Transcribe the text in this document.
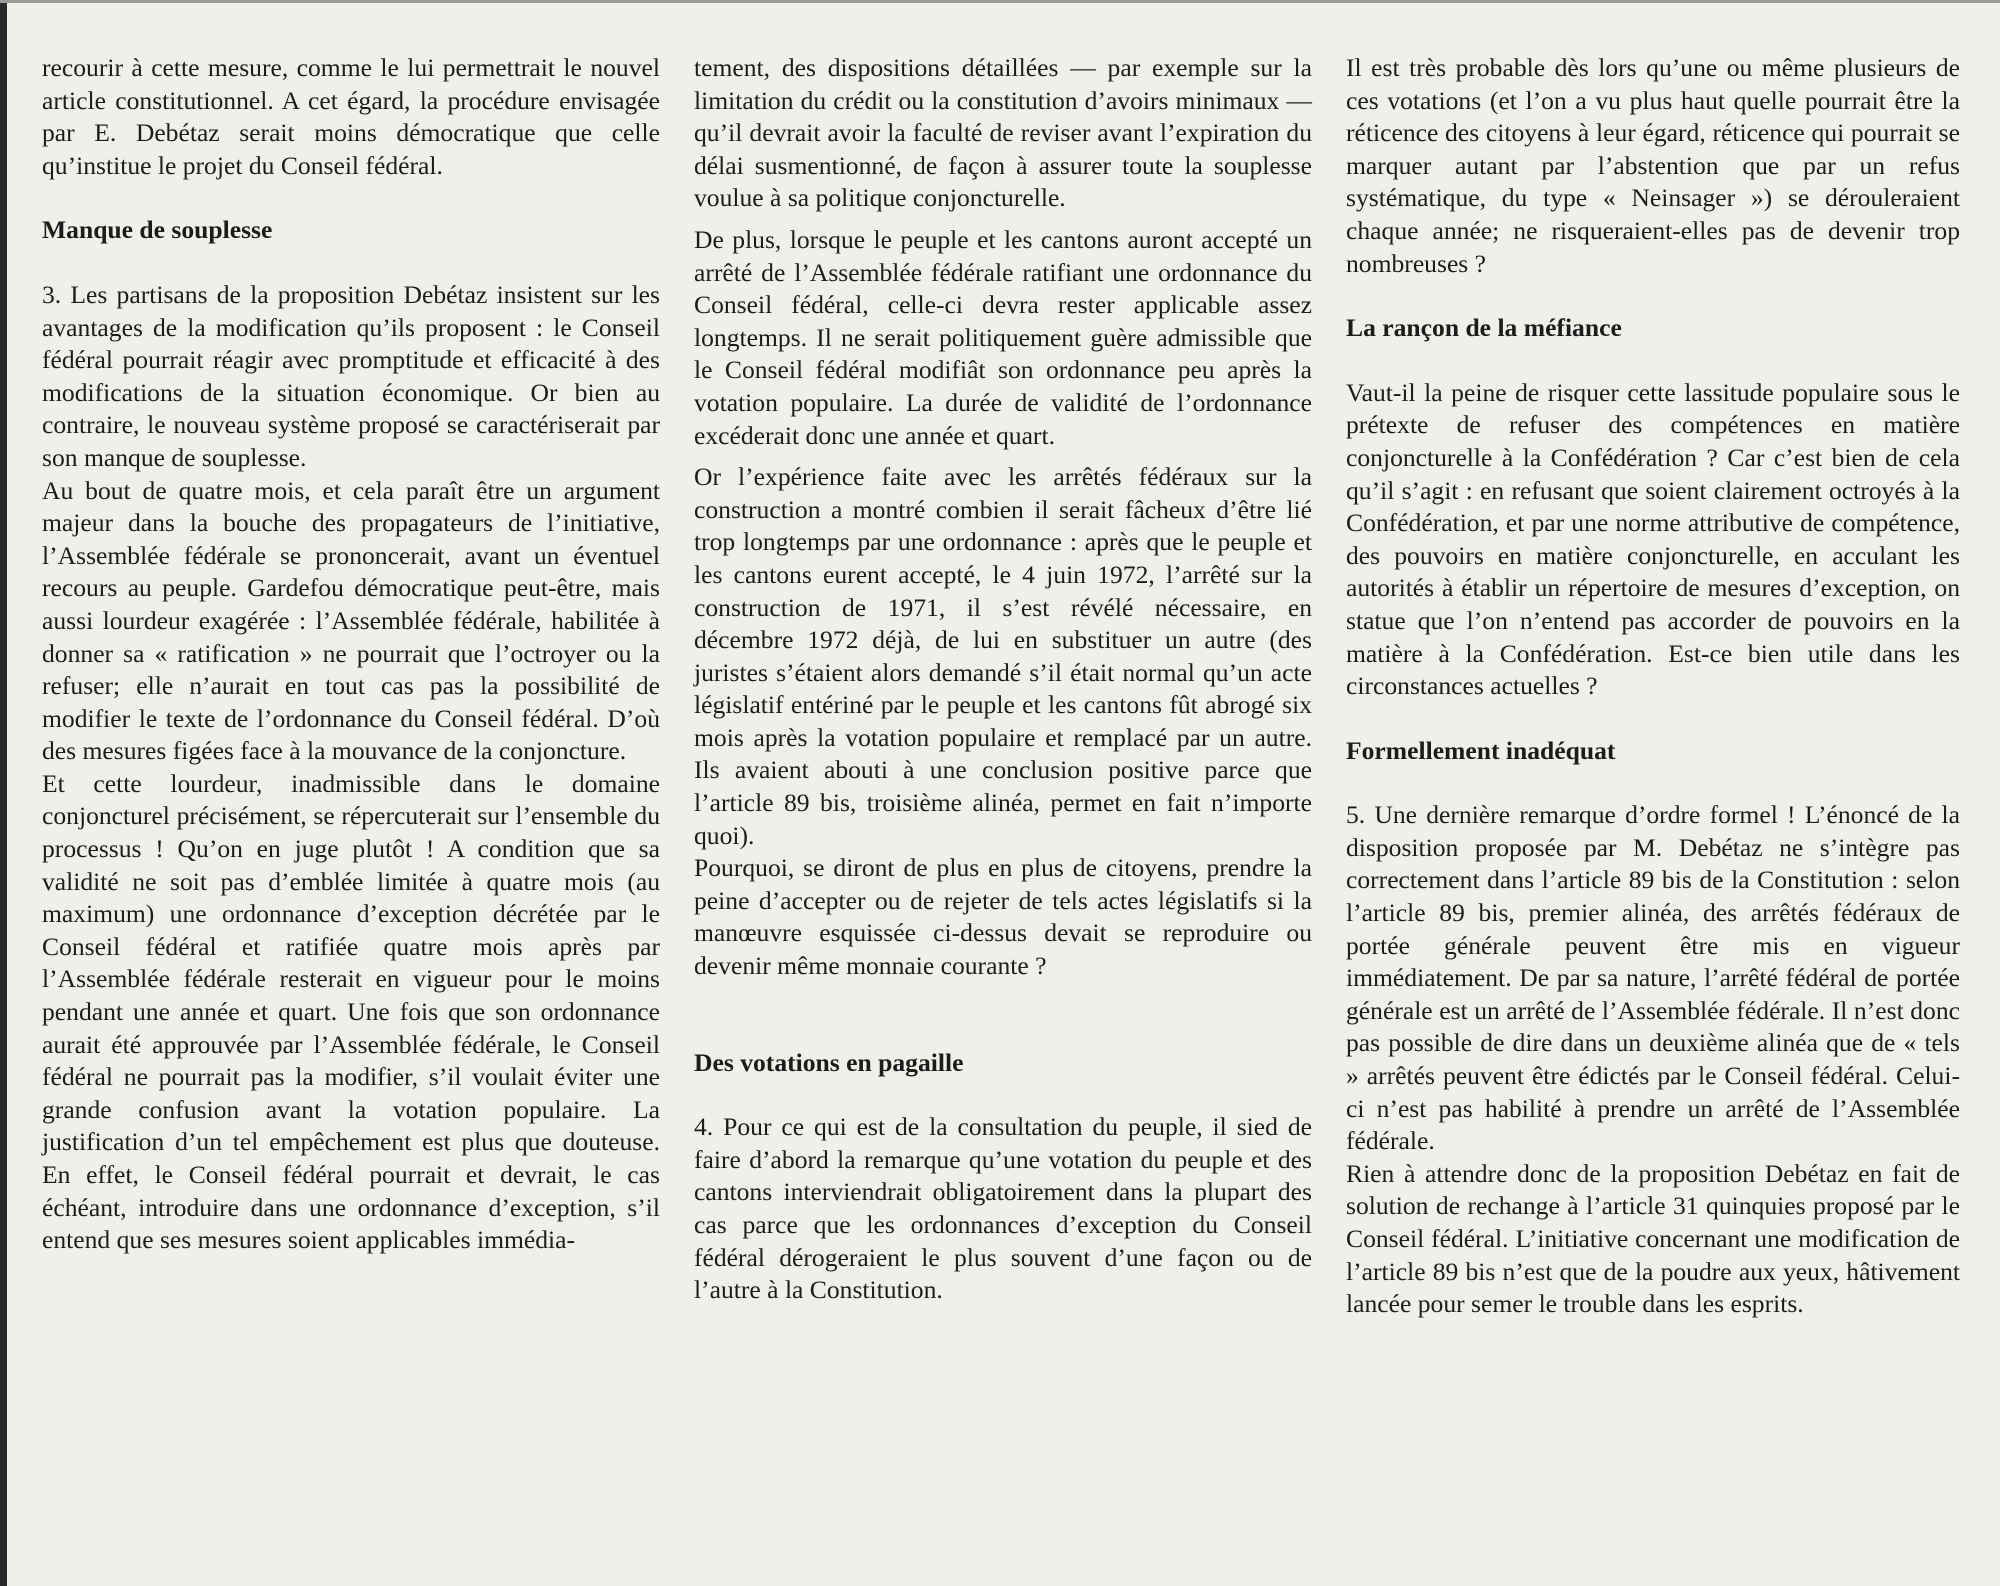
recourir à cette mesure, comme le lui permettrait le nouvel article constitutionnel. A cet égard, la procédure envisagée par E. Debétaz serait moins démocratique que celle qu’institue le projet du Conseil fédéral.

Manque de souplesse

3. Les partisans de la proposition Debétaz insistent sur les avantages de la modification qu’ils proposent : le Conseil fédéral pourrait réagir avec promptitude et efficacité à des modifications de la situation économique. Or bien au contraire, le nouveau système proposé se caractériserait par son manque de souplesse.

Au bout de quatre mois, et cela paraît être un argument majeur dans la bouche des propagateurs de l’initiative, l’Assemblée fédérale se prononcerait, avant un éventuel recours au peuple. Gardefou démocratique peut-être, mais aussi lourdeur exagérée : l’Assemblée fédérale, habilitée à donner sa « ratification » ne pourrait que l’octroyer ou la refuser; elle n’aurait en tout cas pas la possibilité de modifier le texte de l’ordonnance du Conseil fédéral. D’où des mesures figées face à la mouvance de la conjoncture.

Et cette lourdeur, inadmissible dans le domaine conjoncturel précisément, se répercuterait sur l’ensemble du processus ! Qu’on en juge plutôt ! A condition que sa validité ne soit pas d’emblée limitée à quatre mois (au maximum) une ordonnance d’exception décrétée par le Conseil fédéral et ratifiée quatre mois après par l’Assemblée fédérale resterait en vigueur pour le moins pendant une année et quart. Une fois que son ordonnance aurait été approuvée par l’Assemblée fédérale, le Conseil fédéral ne pourrait pas la modifier, s’il voulait éviter une grande confusion avant la votation populaire. La justification d’un tel empêchement est plus que douteuse. En effet, le Conseil fédéral pourrait et devrait, le cas échéant, introduire dans une ordonnance d’exception, s’il entend que ses mesures soient applicables immédia-

tement, des dispositions détaillées — par exemple sur la limitation du crédit ou la constitution d’avoirs minimaux — qu’il devrait avoir la faculté de reviser avant l’expiration du délai susmentionné, de façon à assurer toute la souplesse voulue à sa politique conjoncturelle.

De plus, lorsque le peuple et les cantons auront accepté un arrêté de l’Assemblée fédérale ratifiant une ordonnance du Conseil fédéral, celle-ci devra rester applicable assez longtemps. Il ne serait politiquement guère admissible que le Conseil fédéral modifiât son ordonnance peu après la votation populaire. La durée de validité de l’ordonnance excéderait donc une année et quart.

Or l’expérience faite avec les arrêtés fédéraux sur la construction a montré combien il serait fâcheux d’être lié trop longtemps par une ordonnance : après que le peuple et les cantons eurent accepté, le 4 juin 1972, l’arrêté sur la construction de 1971, il s’est révélé nécessaire, en décembre 1972 déjà, de lui en substituer un autre (des juristes s’étaient alors demandé s’il était normal qu’un acte législatif entériné par le peuple et les cantons fût abrogé six mois après la votation populaire et remplacé par un autre. Ils avaient abouti à une conclusion positive parce que l’article 89 bis, troisième alinéa, permet en fait n’importe quoi).

Pourquoi, se diront de plus en plus de citoyens, prendre la peine d’accepter ou de rejeter de tels actes législatifs si la manœuvre esquissée ci-dessus devait se reproduire ou devenir même monnaie courante ?

Des votations en pagaille

4. Pour ce qui est de la consultation du peuple, il sied de faire d’abord la remarque qu’une votation du peuple et des cantons interviendrait obligatoirement dans la plupart des cas parce que les ordonnances d’exception du Conseil fédéral dérogeraient le plus souvent d’une façon ou de l’autre à la Constitution.

Il est très probable dès lors qu’une ou même plusieurs de ces votations (et l’on a vu plus haut quelle pourrait être la réticence des citoyens à leur égard, réticence qui pourrait se marquer autant par l’abstention que par un refus systématique, du type « Neinsager ») se dérouleraient chaque année; ne risqueraient-elles pas de devenir trop nombreuses ?

La rançon de la méfiance

Vaut-il la peine de risquer cette lassitude populaire sous le prétexte de refuser des compétences en matière conjoncturelle à la Confédération ? Car c’est bien de cela qu’il s’agit : en refusant que soient clairement octroyés à la Confédération, et par une norme attributive de compétence, des pouvoirs en matière conjoncturelle, en acculant les autorités à établir un répertoire de mesures d’exception, on statue que l’on n’entend pas accorder de pouvoirs en la matière à la Confédération. Est-ce bien utile dans les circonstances actuelles ?

Formellement inadéquat

5. Une dernière remarque d’ordre formel ! L’énoncé de la disposition proposée par M. Debétaz ne s’intègre pas correctement dans l’article 89 bis de la Constitution : selon l’article 89 bis, premier alinéa, des arrêtés fédéraux de portée générale peuvent être mis en vigueur immédiatement. De par sa nature, l’arrêté fédéral de portée générale est un arrêté de l’Assemblée fédérale. Il n’est donc pas possible de dire dans un deuxième alinéa que de « tels » arrêtés peuvent être édictés par le Conseil fédéral. Celui-ci n’est pas habilité à prendre un arrêté de l’Assemblée fédérale.

Rien à attendre donc de la proposition Debétaz en fait de solution de rechange à l’article 31 quinquies proposé par le Conseil fédéral. L’initiative concernant une modification de l’article 89 bis n’est que de la poudre aux yeux, hâtivement lancée pour semer le trouble dans les esprits.
